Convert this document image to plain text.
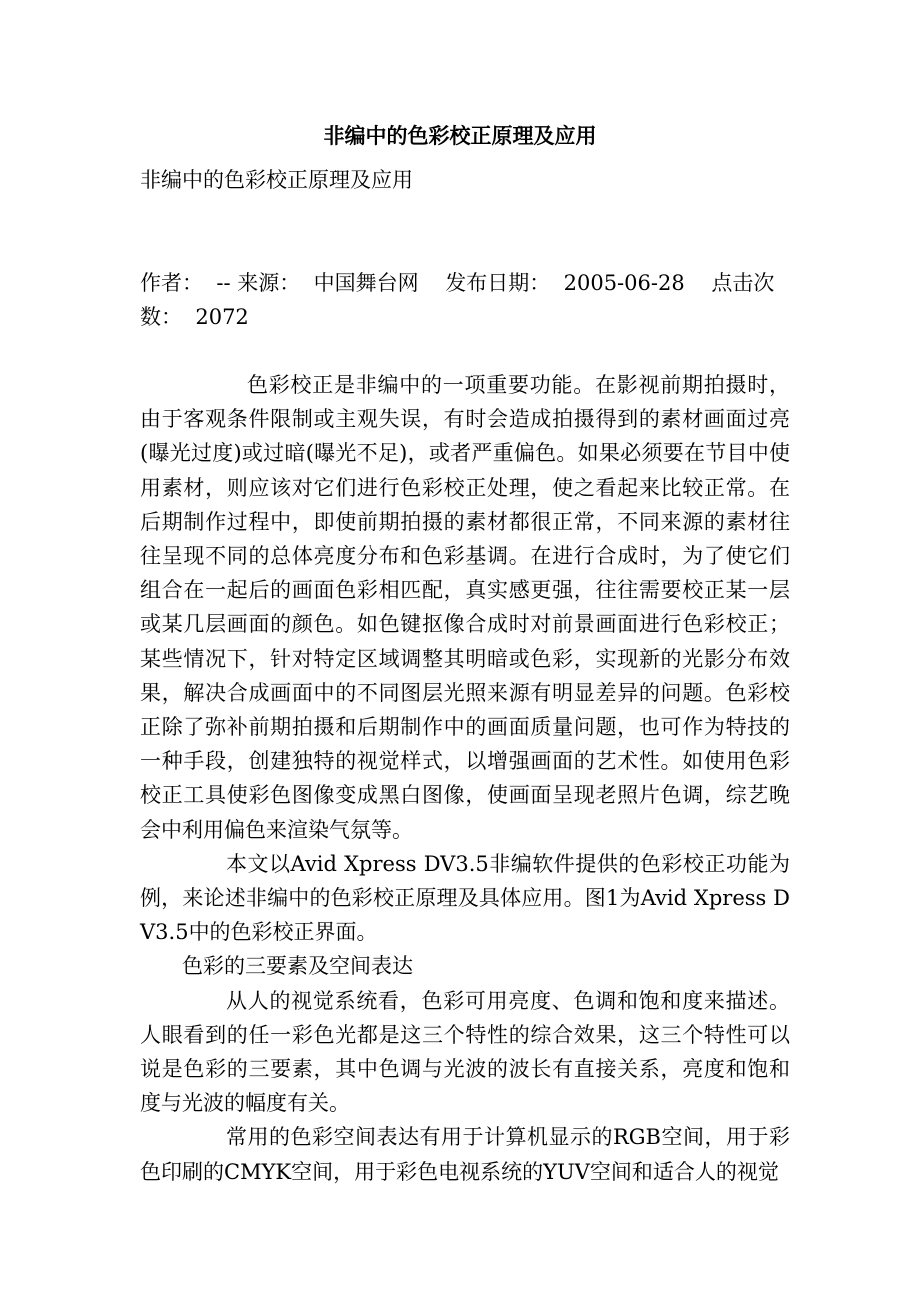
非编中的色彩校正原理及应用

非编中的色彩校正原理及应用

作者：  -- 来源：  中国舞台网    发布日期：  2005-06-28    点击次数：  2072

色彩校正是非编中的一项重要功能。在影视前期拍摄时，由于客观条件限制或主观失误，有时会造成拍摄得到的素材画面过亮(曝光过度)或过暗(曝光不足)，或者严重偏色。如果必须要在节目中使用素材，则应该对它们进行色彩校正处理，使之看起来比较正常。在后期制作过程中，即使前期拍摄的素材都很正常，不同来源的素材往往呈现不同的总体亮度分布和色彩基调。在进行合成时，为了使它们组合在一起后的画面色彩相匹配，真实感更强，往往需要校正某一层或某几层画面的颜色。如色键抠像合成时对前景画面进行色彩校正；某些情况下，针对特定区域调整其明暗或色彩，实现新的光影分布效果，解决合成画面中的不同图层光照来源有明显差异的问题。色彩校正除了弥补前期拍摄和后期制作中的画面质量问题，也可作为特技的一种手段，创建独特的视觉样式，以增强画面的艺术性。如使用色彩校正工具使彩色图像变成黑白图像，使画面呈现老照片色调，综艺晚会中利用偏色来渲染气氛等。

本文以Avid Xpress DV3.5非编软件提供的色彩校正功能为例，来论述非编中的色彩校正原理及具体应用。图1为Avid Xpress DV3.5中的色彩校正界面。

色彩的三要素及空间表达

从人的视觉系统看，色彩可用亮度、色调和饱和度来描述。人眼看到的任一彩色光都是这三个特性的综合效果，这三个特性可以说是色彩的三要素，其中色调与光波的波长有直接关系，亮度和饱和度与光波的幅度有关。

常用的色彩空间表达有用于计算机显示的RGB空间，用于彩色印刷的CMYK空间，用于彩色电视系统的YUV空间和适合人的视觉
